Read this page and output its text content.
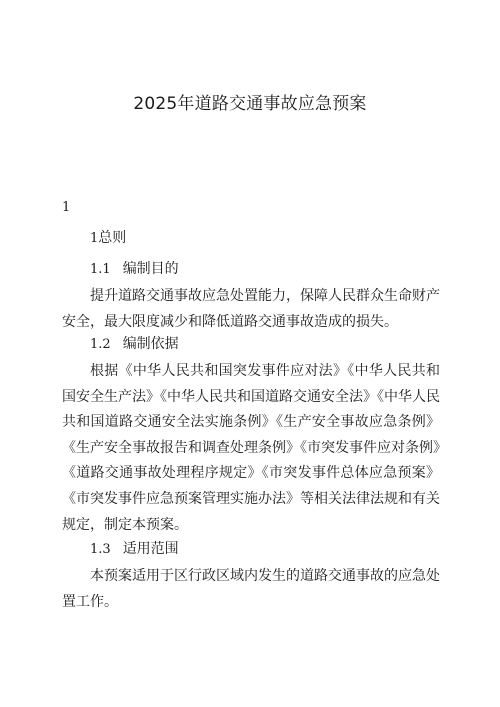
2025年道路交通事故应急预案
1
1总则
1.1 编制目的
提升道路交通事故应急处置能力，保障人民群众生命财产安全，最大限度减少和降低道路交通事故造成的损失。
1.2 编制依据
根据《中华人民共和国突发事件应对法》《中华人民共和国安全生产法》《中华人民共和国道路交通安全法》《中华人民共和国道路交通安全法实施条例》《生产安全事故应急条例》《生产安全事故报告和调查处理条例》《市突发事件应对条例》《道路交通事故处理程序规定》《市突发事件总体应急预案》《市突发事件应急预案管理实施办法》等相关法律法规和有关规定，制定本预案。
1.3 适用范围
本预案适用于区行政区域内发生的道路交通事故的应急处置工作。
